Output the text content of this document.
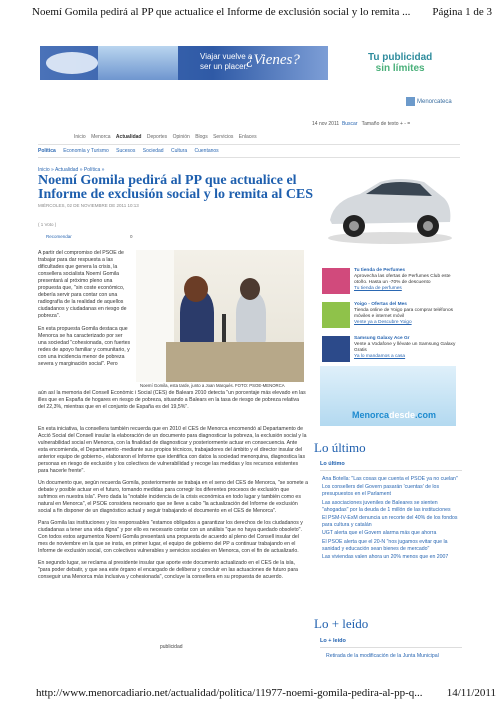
Noemí Gomila pedirá al PP que actualice el Informe de exclusión social y lo remita ... Página 1 de 3
Viajar vuelve a
ser un placer.
¿Vienes?	Tu publicidad
sin límites
Menorcateca
14 nov 2011 Buscar Tamaño de texto + - =
Inicio Menorca Actualidad Deportes Opinión Blogs Servicios Enlaces
Política Economía y Turismo Sucesos Sociedad Cultura Cuentanos
Inicio » Actualidad » Política »
Noemí Gomila pedirá al PP que actualice el Informe de exclusión social y lo remita al CES
MIÉRCOLES, 02 DE NOVIEMBRE DE 2011 10:13
( 1 Voto )
Recomendar	0
A partir del compromiso del PSOE de trabajar para dar respuesta a las dificultades que genera la crisis, la consellera socialista Noemí Gomila presentará al próximo pleno una propuesta que, "sin coste económico, debería servir para contar con una radiografía de la realidad de aquellos ciudadanos y ciudadanas en riesgo de pobreza".
En esta propuesta Gomila destaca que Menorca se ha caracterizado por ser una sociedad "cohesionada, con fuertes redes de apoyo familiar y comunitario, y con una incidencia menor de pobreza severa y marginación social". Pero
Noemí Gomila, esta tarde, junto a Joan Marqués. FOTO: PSOE-MENORCA
aún así la memoria del Consell Econòmic i Social (CES) de Balears 2010 detecta "un porcentaje más elevado en las illes que en España de hogares en riesgo de pobreza, situando a Balears en la tasa de riesgo de pobreza relativa del 22,3%, mientras que en el conjunto de España es del 19,5%".

En esta iniciativa, la consellera también recuerda que en 2010 el CES de Menorca encomendó al Departamento de Acció Social del Consell insular la elaboración de un documento para diagnosticar la pobreza, la exclusión social y la vulnerabilidad social en Menorca, con la finalidad de diagnosticar y posteriormente actuar en consecuencia. Ante esta encomienda, el Departamento -mediante sus propios técnicos, trabajadores del ámbito y el director insular del anterior equipo de gobierno-, elaboraron el Informe que identifica con datos la sociedad menorquina, diagnostica las personas en riesgo de exclusión y los colectivos de vulnerabilidad y recoge las medidas y los recursos existentes para hacerle frente".

Un documento que, según recuerda Gomila, posteriormente se trabaja en el seno del CES de Menorca, "se somete a debate y posible actuar en el futuro, tomando medidas para corregir los diferentes procesos de exclusión que sufrimos en nuestra isla". Pero dada la "notable incidencia de la crisis económica en todo lugar y también como es natural en Menorca", el PSOE considera necesario que se lleve a cabo "la actualización del Informe de exclusión social a fin disponer de un diagnóstico actual y seguir trabajando el documento en el CES de Menorca".

Para Gomila las instituciones y los responsables "estamos obligados a garantizar los derechos de los ciudadanos y ciudadanas a tener una vida digna" y por ello es necesario contar con un análisis "que no haya quedado obsoleto". Con todos estos argumentos Noemí Gomila presentará una propuesta de acuerdo al pleno del Consell insular del mes de noviembre en la que se insta, en primer lugar, el equipo de gobierno del PP a continuar trabajando en el Informe de exclusión social, con colectivos vulnerables y servicios sociales en Menorca, con el fin de actualizarlo.

En segundo lugar, se reclama al presidente insular que aporte este documento actualizado en el CES de la isla, "para poder debatir, y que sea este órgano el encargado de deliberar y concluir en las actuaciones de futuro para conseguir una Menorca más inclusiva y cohesionada", concluye la consellera en su propuesta de acuerdo.

publicidad
Tu tienda de Perfumes
Aprovecha las ofertas de Perfumes Club este otoño. Hasta un -70% de descuento
Tu tienda de perfumes
Yoigo - Ofertas del Mes
Tienda online de Yoigo para comprar teléfonos móviles e internet móvil
Vente ya a Descubre Yoigo
Samsung Galaxy Ace Gr
Vente a Vodafone y llévate un Samsung Galaxy Gratis
Ya lo mandamos a casa
Menorcadesde.com
Lo último
Lo último
Ana Botella: "Las cosas que cuenta el PSOE ya no cuelan"
Los consellers del Govern pasarán 'cuentas' de los presupuestos en el Parlament
Las asociaciones juveniles de Baleares se sienten "ahogadas" por la deuda de 1 millón de las instituciones
El PSM-IV-ExM denuncia un recorte del 40% de los fondos para cultura y catalán
UGT alerta que el Govern alarma más que ahorra
El PSOE alerta que el 20-N "nos jugamos evitar que la sanidad y educación sean bienes de mercado"
Las viviendas valen ahora un 20% menos que en 2007
Lo + leído
Lo + leído
Retirada de la modificación de la Junta Municipal
http://www.menorcadiario.net/actualidad/politica/11977-noemi-gomila-pedira-al-pp-q... 14/11/2011
